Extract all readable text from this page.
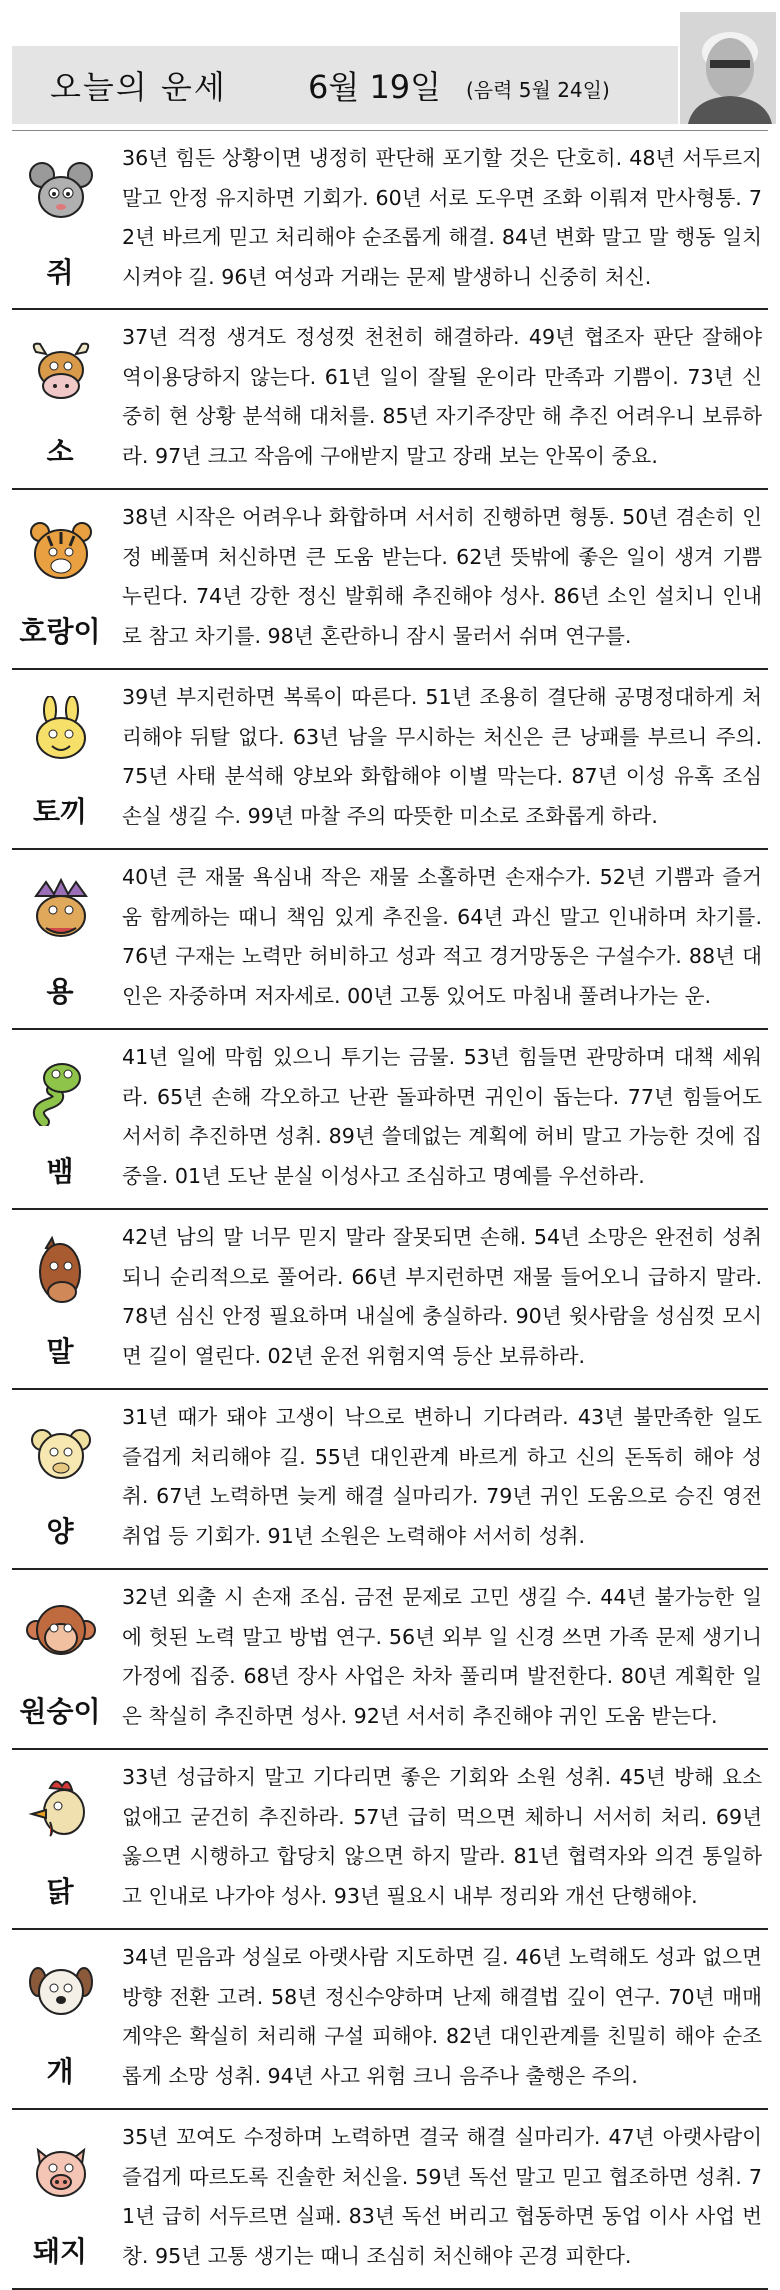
오늘의 운세	6월 19일 (음력 5월 24일)
쥐
36년 힘든 상황이면 냉정히 판단해 포기할 것은 단호히. 48년 서두르지 말고 안정 유지하면 기회가. 60년 서로 도우면 조화 이뤄져 만사형통. 72년 바르게 믿고 처리해야 순조롭게 해결. 84년 변화 말고 말 행동 일치시켜야 길. 96년 여성과 거래는 문제 발생하니 신중히 처신.
소
37년 걱정 생겨도 정성껏 천천히 해결하라. 49년 협조자 판단 잘해야 역이용당하지 않는다. 61년 일이 잘될 운이라 만족과 기쁨이. 73년 신중히 현 상황 분석해 대처를. 85년 자기주장만 해 추진 어려우니 보류하라. 97년 크고 작음에 구애받지 말고 장래 보는 안목이 중요.
호랑이
38년 시작은 어려우나 화합하며 서서히 진행하면 형통. 50년 겸손히 인정 베풀며 처신하면 큰 도움 받는다. 62년 뜻밖에 좋은 일이 생겨 기쁨 누린다. 74년 강한 정신 발휘해 추진해야 성사. 86년 소인 설치니 인내로 참고 차기를. 98년 혼란하니 잠시 물러서 쉬며 연구를.
토끼
39년 부지런하면 복록이 따른다. 51년 조용히 결단해 공명정대하게 처리해야 뒤탈 없다. 63년 남을 무시하는 처신은 큰 낭패를 부르니 주의. 75년 사태 분석해 양보와 화합해야 이별 막는다. 87년 이성 유혹 조심 손실 생길 수. 99년 마찰 주의 따뜻한 미소로 조화롭게 하라.
용
40년 큰 재물 욕심내 작은 재물 소홀하면 손재수가. 52년 기쁨과 즐거움 함께하는 때니 책임 있게 추진을. 64년 과신 말고 인내하며 차기를. 76년 구재는 노력만 허비하고 성과 적고 경거망동은 구설수가. 88년 대인은 자중하며 저자세로. 00년 고통 있어도 마침내 풀려나가는 운.
뱀
41년 일에 막힘 있으니 투기는 금물. 53년 힘들면 관망하며 대책 세워라. 65년 손해 각오하고 난관 돌파하면 귀인이 돕는다. 77년 힘들어도 서서히 추진하면 성취. 89년 쓸데없는 계획에 허비 말고 가능한 것에 집중을. 01년 도난 분실 이성사고 조심하고 명예를 우선하라.
말
42년 남의 말 너무 믿지 말라 잘못되면 손해. 54년 소망은 완전히 성취되니 순리적으로 풀어라. 66년 부지런하면 재물 들어오니 급하지 말라. 78년 심신 안정 필요하며 내실에 충실하라. 90년 윗사람을 성심껏 모시면 길이 열린다. 02년 운전 위험지역 등산 보류하라.
양
31년 때가 돼야 고생이 낙으로 변하니 기다려라. 43년 불만족한 일도 즐겁게 처리해야 길. 55년 대인관계 바르게 하고 신의 돈독히 해야 성취. 67년 노력하면 늦게 해결 실마리가. 79년 귀인 도움으로 승진 영전 취업 등 기회가. 91년 소원은 노력해야 서서히 성취.
원숭이
32년 외출 시 손재 조심. 금전 문제로 고민 생길 수. 44년 불가능한 일에 헛된 노력 말고 방법 연구. 56년 외부 일 신경 쓰면 가족 문제 생기니 가정에 집중. 68년 장사 사업은 차차 풀리며 발전한다. 80년 계획한 일은 착실히 추진하면 성사. 92년 서서히 추진해야 귀인 도움 받는다.
닭
33년 성급하지 말고 기다리면 좋은 기회와 소원 성취. 45년 방해 요소 없애고 굳건히 추진하라. 57년 급히 먹으면 체하니 서서히 처리. 69년 옳으면 시행하고 합당치 않으면 하지 말라. 81년 협력자와 의견 통일하고 인내로 나가야 성사. 93년 필요시 내부 정리와 개선 단행해야.
개
34년 믿음과 성실로 아랫사람 지도하면 길. 46년 노력해도 성과 없으면 방향 전환 고려. 58년 정신수양하며 난제 해결법 깊이 연구. 70년 매매 계약은 확실히 처리해 구설 피해야. 82년 대인관계를 친밀히 해야 순조롭게 소망 성취. 94년 사고 위험 크니 음주나 출행은 주의.
돼지
35년 꼬여도 수정하며 노력하면 결국 해결 실마리가. 47년 아랫사람이 즐겁게 따르도록 진솔한 처신을. 59년 독선 말고 믿고 협조하면 성취. 71년 급히 서두르면 실패. 83년 독선 버리고 협동하면 동업 이사 사업 번창. 95년 고통 생기는 때니 조심히 처신해야 곤경 피한다.
